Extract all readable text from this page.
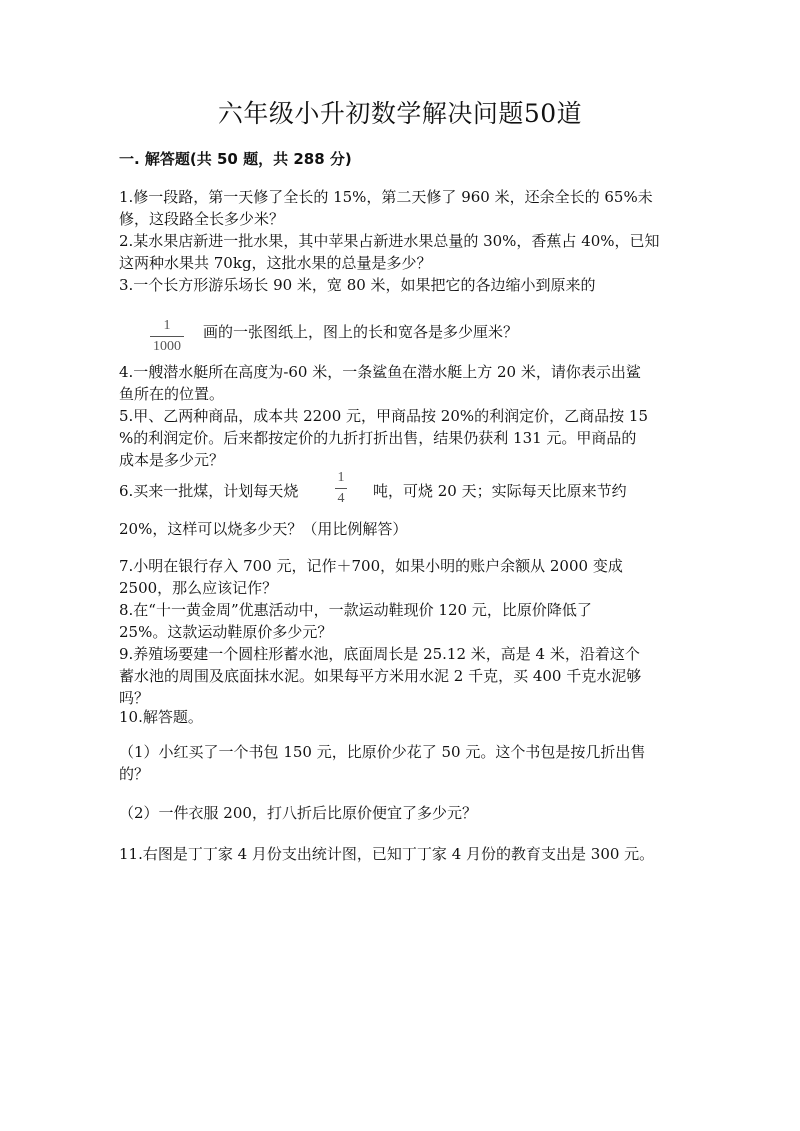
六年级小升初数学解决问题50道
一. 解答题(共 50 题，共 288 分)
1.修一段路，第一天修了全长的 15%，第二天修了 960 米，还余全长的 65%未
修，这段路全长多少米？
2.某水果店新进一批水果，其中苹果占新进水果总量的 30%，香蕉占 40%，已知
这两种水果共 70kg，这批水果的总量是多少？
3.一个长方形游乐场长 90 米，宽 80 米，如果把它的各边缩小到原来的
1
1000
画的一张图纸上，图上的长和宽各是多少厘米？
4.一艘潜水艇所在高度为-60 米，一条鲨鱼在潜水艇上方 20 米，请你表示出鲨
鱼所在的位置。
5.甲、乙两种商品，成本共 2200 元，甲商品按 20%的利润定价，乙商品按 15
%的利润定价。后来都按定价的九折打折出售，结果仍获利 131 元。甲商品的
成本是多少元？
6.买来一批煤，计划每天烧
1
4 吨，可烧 20 天；实际每天比原来节约
20%，这样可以烧多少天？（用比例解答）
7.小明在银行存入 700 元，记作＋700，如果小明的账户余额从 2000 变成
2500，那么应该记作？
8.在“十一黄金周”优惠活动中，一款运动鞋现价 120 元，比原价降低了
25%。这款运动鞋原价多少元？
9.养殖场要建一个圆柱形蓄水池，底面周长是 25.12 米，高是 4 米，沿着这个
蓄水池的周围及底面抹水泥。如果每平方米用水泥 2 千克，买 400 千克水泥够
吗？
10.解答题。
（1）小红买了一个书包 150 元，比原价少花了 50 元。这个书包是按几折出售
的？
（2）一件衣服 200，打八折后比原价便宜了多少元？
11.右图是丁丁家 4 月份支出统计图，已知丁丁家 4 月份的教育支出是 300 元。
